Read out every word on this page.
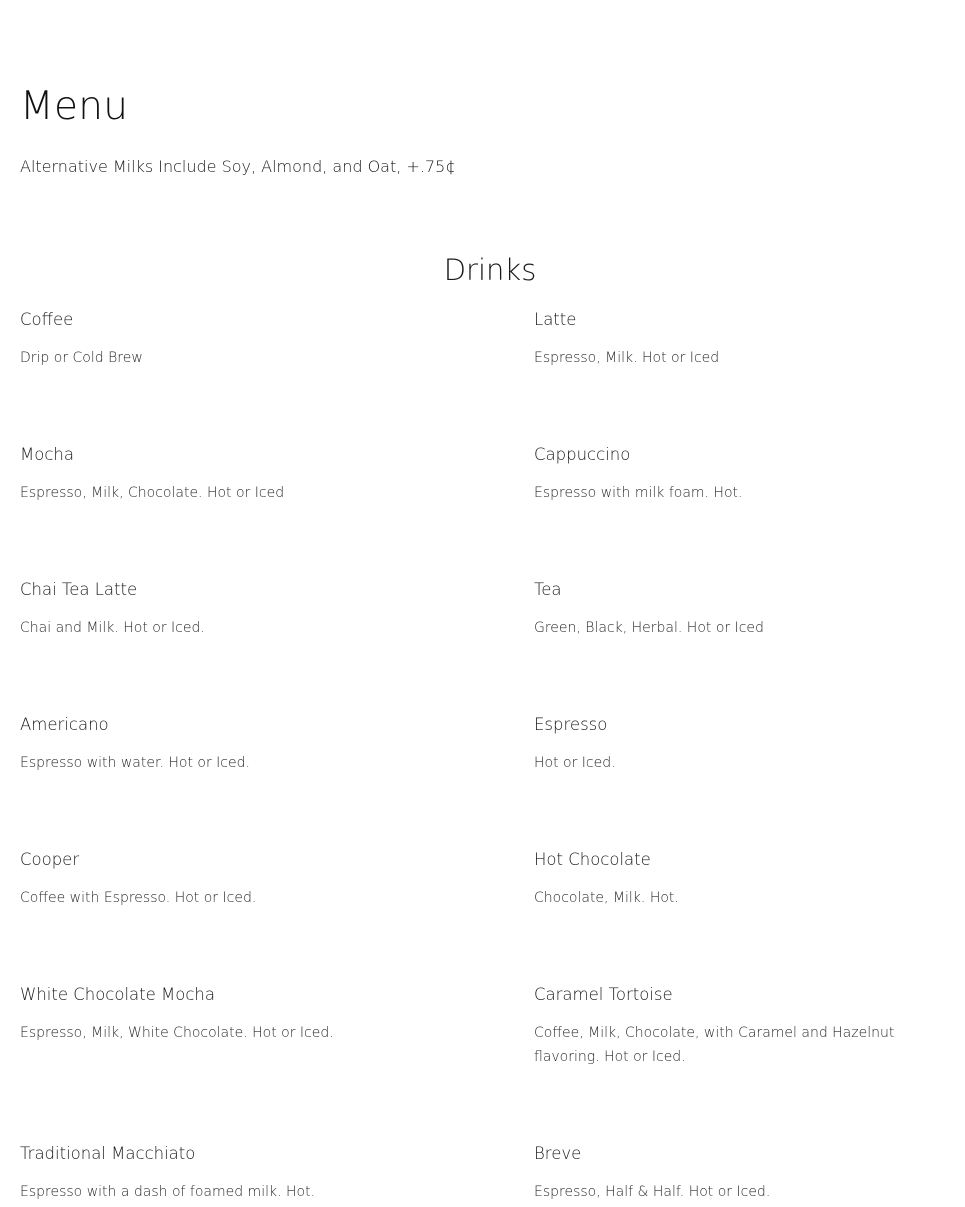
Menu

Alternative Milks Include Soy, Almond, and Oat, +.75¢

Drinks
Coffee
Drip or Cold Brew
Latte
Espresso, Milk. Hot or Iced
Mocha
Espresso, Milk, Chocolate. Hot or Iced
Cappuccino
Espresso with milk foam. Hot.
Chai Tea Latte
Chai and Milk. Hot or Iced.
Tea
Green, Black, Herbal. Hot or Iced
Americano
Espresso with water. Hot or Iced.
Espresso
Hot or Iced.
Cooper
Coffee with Espresso. Hot or Iced.
Hot Chocolate
Chocolate, Milk. Hot.
White Chocolate Mocha
Espresso, Milk, White Chocolate. Hot or Iced.
Caramel Tortoise
Coffee, Milk, Chocolate, with Caramel and Hazelnut flavoring. Hot or Iced.
Traditional Macchiato
Espresso with a dash of foamed milk. Hot.
Breve
Espresso, Half & Half. Hot or Iced.
